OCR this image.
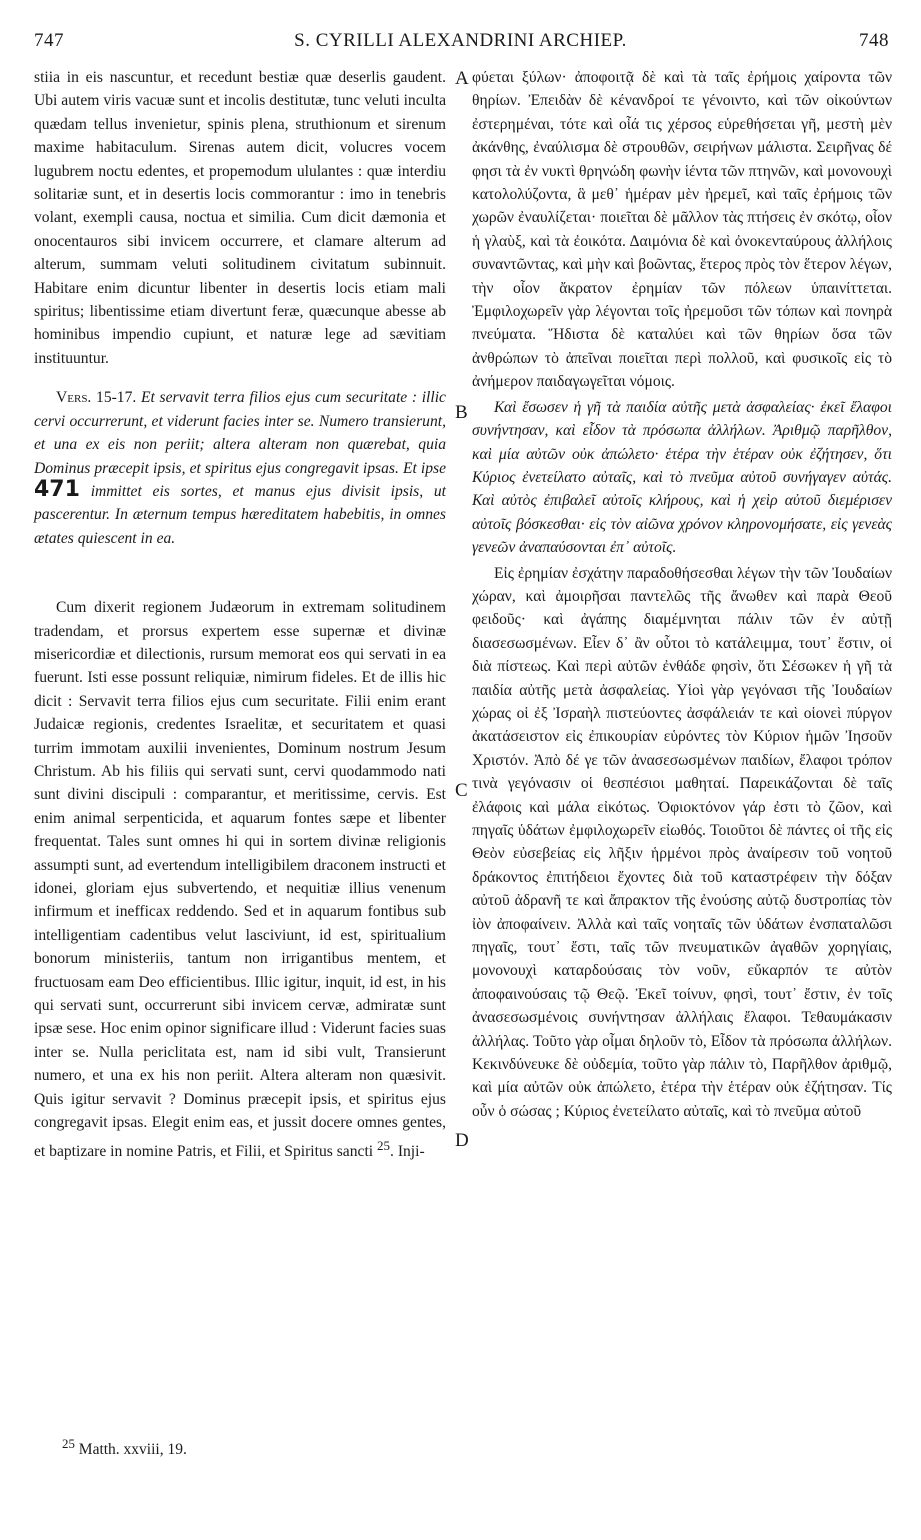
747	S. CYRILLI ALEXANDRINI ARCHIEP.	748

stiia in eis nascuntur, et recedunt bestiæ quæ deserlis gaudent. Ubi autem viris vacuæ sunt et incolis destitutæ, tunc veluti inculta quædam tellus invenietur, spinis plena, struthionum et sirenum maxime habitaculum. Sirenas autem dicit, volucres vocem lugubrem noctu edentes, et propemodum ululantes : quæ interdiu solitariæ sunt, et in desertis locis commorantur : imo in tenebris volant, exempli causa, noctua et similia. Cum dicit dæmonia et onocentauros sibi invicem occurrere, et clamare alterum ad alterum, summam veluti solitudinem civitatum subinnuit. Habitare enim dicuntur libenter in desertis locis etiam mali spiritus; libentissime etiam divertunt feræ, quæcunque abesse ab hominibus impendio cupiunt, et naturæ lege ad sævitiam instituuntur.

Vers. 15-17. Et servavit terra filios ejus cum securitate : illic cervi occurrerunt, et viderunt facies inter se. Numero transierunt, et una ex eis non periit; altera alteram non quærebat, quia Dominus præcepit ipsis, et spiritus ejus congregavit ipsas. Et ipse 471 immittet eis sortes, et manus ejus divisit ipsis, ut pascerentur. In æternum tempus hæreditatem habebitis, in omnes ætates quiescent in ea.

Cum dixerit regionem Judæorum in extremam solitudinem tradendam, et prorsus expertem esse supernæ et divinæ misericordiæ et dilectionis, rursum memorat eos qui servati in ea fuerunt. Isti esse possunt reliquiæ, nimirum fideles. Et de illis hic dicit : Servavit terra filios ejus cum securitate. Filii enim erant Judaicæ regionis, credentes Israelitæ, et securitatem et quasi turrim immotam auxilii invenientes, Dominum nostrum Jesum Christum. Ab his filiis qui servati sunt, cervi quodammodo nati sunt divini discipuli : comparantur, et meritissime, cervis. Est enim animal serpenticida, et aquarum fontes sæpe et libenter frequentat. Tales sunt omnes hi qui in sortem divinæ religionis assumpti sunt, ad evertendum intelligibilem draconem instructi et idonei, gloriam ejus subvertendo, et nequitiæ illius venenum infirmum et inefficax reddendo. Sed et in aquarum fontibus sub intelligentiam cadentibus velut lasciviunt, id est, spiritualium bonorum ministeriis, tantum non irrigantibus mentem, et fructuosam eam Deo efficientibus. Illic igitur, inquit, id est, in his qui servati sunt, occurrerunt sibi invicem cervæ, admiratæ sunt ipsæ sese. Hoc enim opinor significare illud : Viderunt facies suas inter se. Nulla periclitata est, nam id sibi vult, Transierunt numero, et una ex his non periit. Altera alteram non quæsivit. Quis igitur servavit ? Dominus præcepit ipsis, et spiritus ejus congregavit ipsas. Elegit enim eas, et jussit docere omnes gentes, et baptizare in nomine Patris, et Filii, et Spiritus sancti $^{25}$. Inji-

φύεται ξύλων· ἀποφοιτᾷ δὲ καὶ τὰ ταῖς ἐρήμοις χαίροντα τῶν θηρίων. Ἐπειδὰν δὲ κένανδροί τε γένοιντο, καὶ τῶν οἰκούντων ἐστερημέναι, τότε καὶ οἷά τις χέρσος εὑρεθήσεται γῆ, μεστὴ μὲν ἀκάνθης, ἐναύλισμα δὲ στρουθῶν, σειρήνων μάλιστα. Σειρῆνας δέ φησι τὰ ἐν νυκτὶ θρηνώδη φωνὴν ἱέντα τῶν πτηνῶν, καὶ μονονουχὶ κατολολύζοντα, ἃ μεθ᾽ ἡμέραν μὲν ἠρεμεῖ, καὶ ταῖς ἐρήμοις τῶν χωρῶν ἐναυλίζεται· ποιεῖται δὲ μᾶλλον τὰς πτήσεις ἐν σκότῳ, οἷον ἡ γλαὺξ, καὶ τὰ ἐοικότα. Δαιμόνια δὲ καὶ ὀνοκενταύρους ἀλλήλοις συναντῶντας, καὶ μὴν καὶ βοῶντας, ἕτερος πρὸς τὸν ἕτερον λέγων, τὴν οἷον ἄκρατον ἐρημίαν τῶν πόλεων ὑπαινίττεται. Ἐμφιλοχωρεῖν γὰρ λέγονται τοῖς ἠρεμοῦσι τῶν τόπων καὶ πονηρὰ πνεύματα. Ἥδιστα δὲ καταλύει καὶ τῶν θηρίων ὅσα τῶν ἀνθρώπων τὸ ἀπεῖναι ποιεῖται περὶ πολλοῦ, καὶ φυσικοῖς εἰς τὸ ἀνήμερον παιδαγωγεῖται νόμοις.

Καὶ ἔσωσεν ἡ γῆ τὰ παιδία αὐτῆς μετὰ ἀσφαλείας· ἐκεῖ ἔλαφοι συνήντησαν, καὶ εἶδον τὰ πρόσωπα ἀλλήλων. Ἀριθμῷ παρῆλθον, καὶ μία αὐτῶν οὐκ ἀπώλετο· ἑτέρα τὴν ἑτέραν οὐκ ἐζήτησεν, ὅτι Κύριος ἐνετείλατο αὐταῖς, καὶ τὸ πνεῦμα αὐτοῦ συνήγαγεν αὐτάς. Καὶ αὐτὸς ἐπιβαλεῖ αὐτοῖς κλήρους, καὶ ἡ χεὶρ αὐτοῦ διεμέρισεν αὐτοῖς βόσκεσθαι· εἰς τὸν αἰῶνα χρόνον κληρονομήσατε, εἰς γενεὰς γενεῶν ἀναπαύσονται ἐπ᾽ αὐτοῖς.

Εἰς ἐρημίαν ἐσχάτην παραδοθήσεσθαι λέγων τὴν τῶν Ἰουδαίων χώραν, καὶ ἀμοιρῆσαι παντελῶς τῆς ἄνωθεν καὶ παρὰ Θεοῦ φειδοῦς· καὶ ἀγάπης διαμέμνηται πάλιν τῶν ἐν αὐτῇ διασεσωσμένων. Εἶεν δ᾽ ἂν οὗτοι τὸ κατάλειμμα, τουτ᾽ ἔστιν, οἱ διὰ πίστεως. Καὶ περὶ αὐτῶν ἐνθάδε φησὶν, ὅτι Σέσωκεν ἡ γῆ τὰ παιδία αὐτῆς μετὰ ἀσφαλείας. Υἱοὶ γὰρ γεγόνασι τῆς Ἰουδαίων χώρας οἱ ἐξ Ἰσραὴλ πιστεύοντες ἀσφάλειάν τε καὶ οἱονεὶ πύργον ἀκατάσειστον εἰς ἐπικουρίαν εὑρόντες τὸν Κύριον ἡμῶν Ἰησοῦν Χριστόν. Ἀπὸ δέ γε τῶν ἀνασεσωσμένων παιδίων, ἔλαφοι τρόπον τινὰ γεγόνασιν οἱ θεσπέσιοι μαθηταί. Παρεικάζονται δὲ ταῖς ἐλάφοις καὶ μάλα εἰκότως. Ὀφιοκτόνον γάρ ἐστι τὸ ζῶον, καὶ πηγαῖς ὑδάτων ἐμφιλοχωρεῖν εἰωθός. Τοιοῦτοι δὲ πάντες οἱ τῆς εἰς Θεὸν εὐσεβείας εἰς λῆξιν ἡρμένοι πρὸς ἀναίρεσιν τοῦ νοητοῦ δράκοντος ἐπιτήδειοι ἔχοντες διὰ τοῦ καταστρέφειν τὴν δόξαν αὐτοῦ ἀδρανῆ τε καὶ ἄπρακτον τῆς ἐνούσης αὐτῷ δυστροπίας τὸν ἰὸν ἀποφαίνειν. Ἀλλὰ καὶ ταῖς νοηταῖς τῶν ὑδάτων ἐνσπαταλῶσι πηγαῖς, τουτ᾽ ἔστι, ταῖς τῶν πνευματικῶν ἀγαθῶν χορηγίαις, μονονουχὶ καταρδούσαις τὸν νοῦν, εὔκαρπόν τε αὐτὸν ἀποφαινούσαις τῷ Θεῷ. Ἐκεῖ τοίνυν, φησὶ, τουτ᾽ ἔστιν, ἐν τοῖς ἀνασεσωσμένοις συνήντησαν ἀλλήλαις ἔλαφοι. Τεθαυμάκασιν ἀλλήλας. Τοῦτο γὰρ οἶμαι δηλοῦν τὸ, Εἶδον τὰ πρόσωπα ἀλλήλων. Κεκινδύνευκε δὲ οὐδεμία, τοῦτο γὰρ πάλιν τὸ, Παρῆλθον ἀριθμῷ, καὶ μία αὐτῶν οὐκ ἀπώλετο, ἑτέρα τὴν ἑτέραν οὐκ ἐζήτησαν. Τίς οὖν ὁ σώσας ; Κύριος ἐνετείλατο αὐταῖς, καὶ τὸ πνεῦμα αὐτοῦ

A
B
C
D
$^{25}$ Matth. xxviii, 19.
